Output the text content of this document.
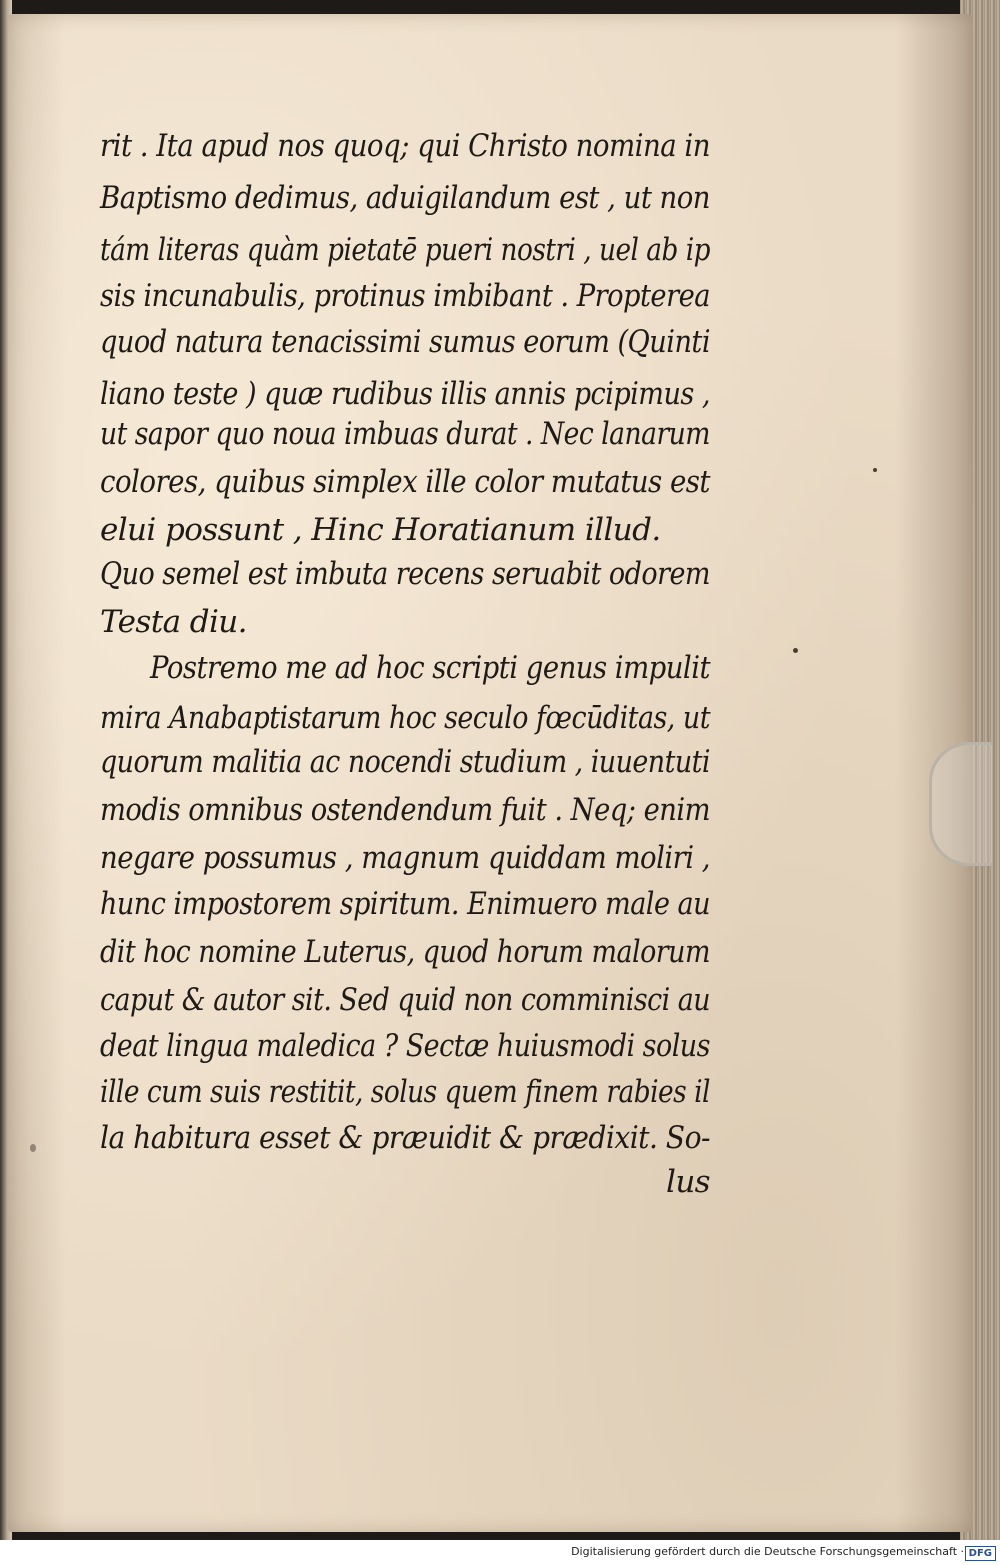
rit . Ita apud nos quoq; qui Christo nomina in
Baptismo dedimus, aduigilandum est , ut non
tám literas quàm pietatē pueri nostri , uel ab ip
sis incunabulis, protinus imbibant . Propterea
quod natura tenacissimi sumus eorum (Quinti
liano teste ) quæ rudibus illis annis pcipimus ,
ut sapor quo noua imbuas durat . Nec lanarum
colores, quibus simplex ille color mutatus est
elui possunt , Hinc Horatianum illud.
Quo semel est imbuta recens seruabit odorem
Testa diu.
Postremo me ad hoc scripti genus impulit
mira Anabaptistarum hoc seculo fœcūditas, ut
quorum malitia ac nocendi studium , iuuentuti
modis omnibus ostendendum fuit . Neq; enim
negare possumus , magnum quiddam moliri ,
hunc impostorem spiritum. Enimuero male au
dit hoc nomine Luterus, quod horum malorum
caput & autor sit. Sed quid non comminisci au
deat lingua maledica ? Sectæ huiusmodi solus
ille cum suis restitit, solus quem finem rabies il
la habitura esset & præuidit & prædixit. So-
lus
Digitalisierung gefördert durch die Deutsche Forschungsgemeinschaft · DFG
